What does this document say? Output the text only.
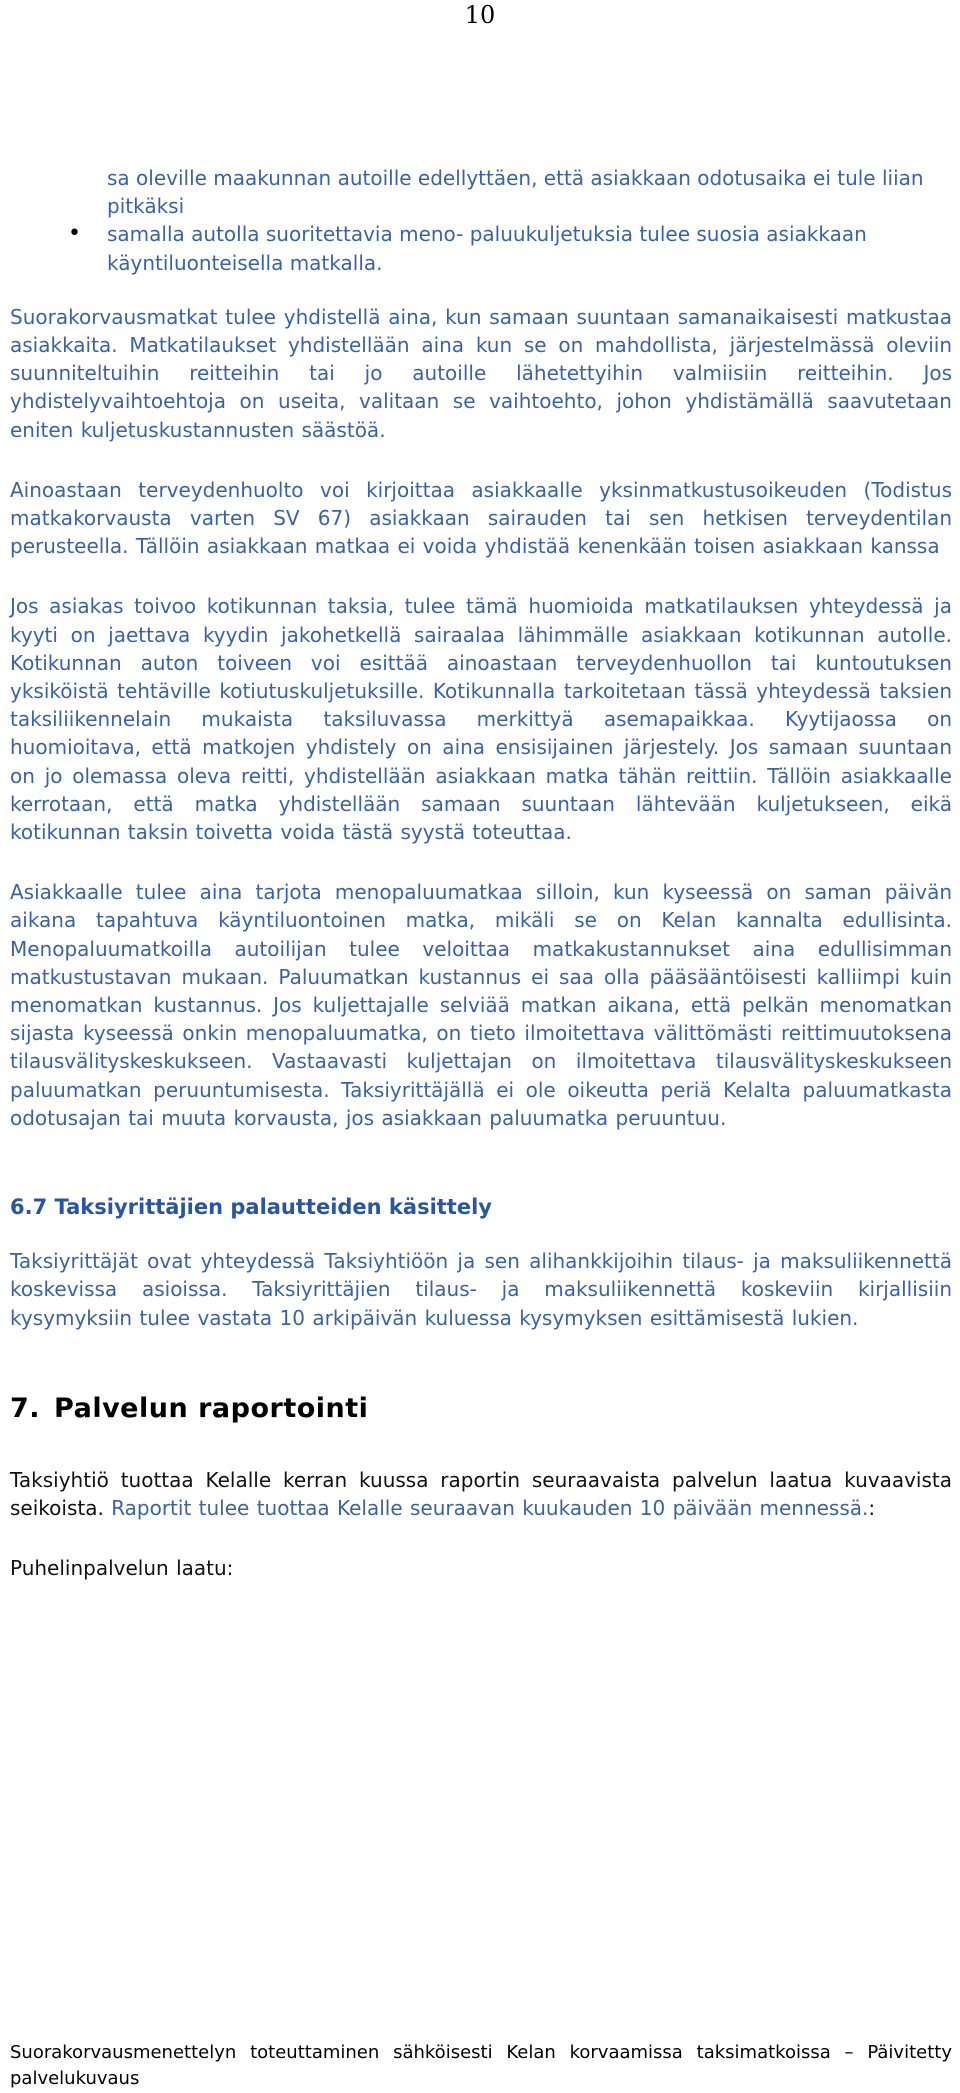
10
sa oleville maakunnan autoille edellyttäen, että asiakkaan odotusaika ei tule liian pitkäksi
• samalla autolla suoritettavia meno- paluukuljetuksia tulee suosia asiakkaan käyntiluonteisella matkalla.

Suorakorvausmatkat tulee yhdistellä aina, kun samaan suuntaan samanaikaisesti matkustaa asiakkaita. Matkatilaukset yhdistellään aina kun se on mahdollista, järjestelmässä oleviin suunniteltuihin reitteihin tai jo autoille lähetettyihin valmiisiin reitteihin. Jos yhdistelyvaihtoehtoja on useita, valitaan se vaihtoehto, johon yhdistämällä saavutetaan eniten kuljetuskustannusten säästöä.

Ainoastaan terveydenhuolto voi kirjoittaa asiakkaalle yksinmatkustusoikeuden (Todistus matkakorvausta varten SV 67) asiakkaan sairauden tai sen hetkisen terveydentilan perusteella. Tällöin asiakkaan matkaa ei voida yhdistää kenenkään toisen asiakkaan kanssa

Jos asiakas toivoo kotikunnan taksia, tulee tämä huomioida matkatilauksen yhteydessä ja kyyti on jaettava kyydin jakohetkellä sairaalaa lähimmälle asiakkaan kotikunnan autolle. Kotikunnan auton toiveen voi esittää ainoastaan terveydenhuollon tai kuntoutuksen yksiköistä tehtäville kotiutuskuljetuksille. Kotikunnalla tarkoitetaan tässä yhteydessä taksien taksiliikennelain mukaista taksiluvassa merkittyä asemapaikkaa. Kyytijaossa on huomioitava, että matkojen yhdistely on aina ensisijainen järjestely. Jos samaan suuntaan on jo olemassa oleva reitti, yhdistellään asiakkaan matka tähän reittiin. Tällöin asiakkaalle kerrotaan, että matka yhdistellään samaan suuntaan lähtevään kuljetukseen, eikä kotikunnan taksin toivetta voida tästä syystä toteuttaa.

Asiakkaalle tulee aina tarjota menopaluumatkaa silloin, kun kyseessä on saman päivän aikana tapahtuva käyntiluontoinen matka, mikäli se on Kelan kannalta edullisinta. Menopaluumatkoilla autoilijan tulee veloittaa matkakustannukset aina edullisimman matkustustavan mukaan. Paluumatkan kustannus ei saa olla pääsääntöisesti kalliimpi kuin menomatkan kustannus. Jos kuljettajalle selviää matkan aikana, että pelkän menomatkan sijasta kyseessä onkin menopaluumatka, on tieto ilmoitettava välittömästi reittimuutoksena tilausvälityskeskukseen. Vastaavasti kuljettajan on ilmoitettava tilausvälityskeskukseen paluumatkan peruuntumisesta. Taksiyrittäjällä ei ole oikeutta periä Kelalta paluumatkasta odotusajan tai muuta korvausta, jos asiakkaan paluumatka peruuntuu.

6.7 Taksiyrittäjien palautteiden käsittely

Taksiyrittäjät ovat yhteydessä Taksiyhtiöön ja sen alihankkijoihin tilaus- ja maksuliikennettä koskevissa asioissa. Taksiyrittäjien tilaus- ja maksuliikennettä koskeviin kirjallisiin kysymyksiin tulee vastata 10 arkipäivän kuluessa kysymyksen esittämisestä lukien.

7. Palvelun raportointi

Taksiyhtiö tuottaa Kelalle kerran kuussa raportin seuraavaista palvelun laatua kuvaavista seikoista. Raportit tulee tuottaa Kelalle seuraavan kuukauden 10 päivään mennessä.:

Puhelinpalvelun laatu:

Suorakorvausmenettelyn toteuttaminen sähköisesti Kelan korvaamissa taksimatkoissa – Päivitetty palvelukuvaus
